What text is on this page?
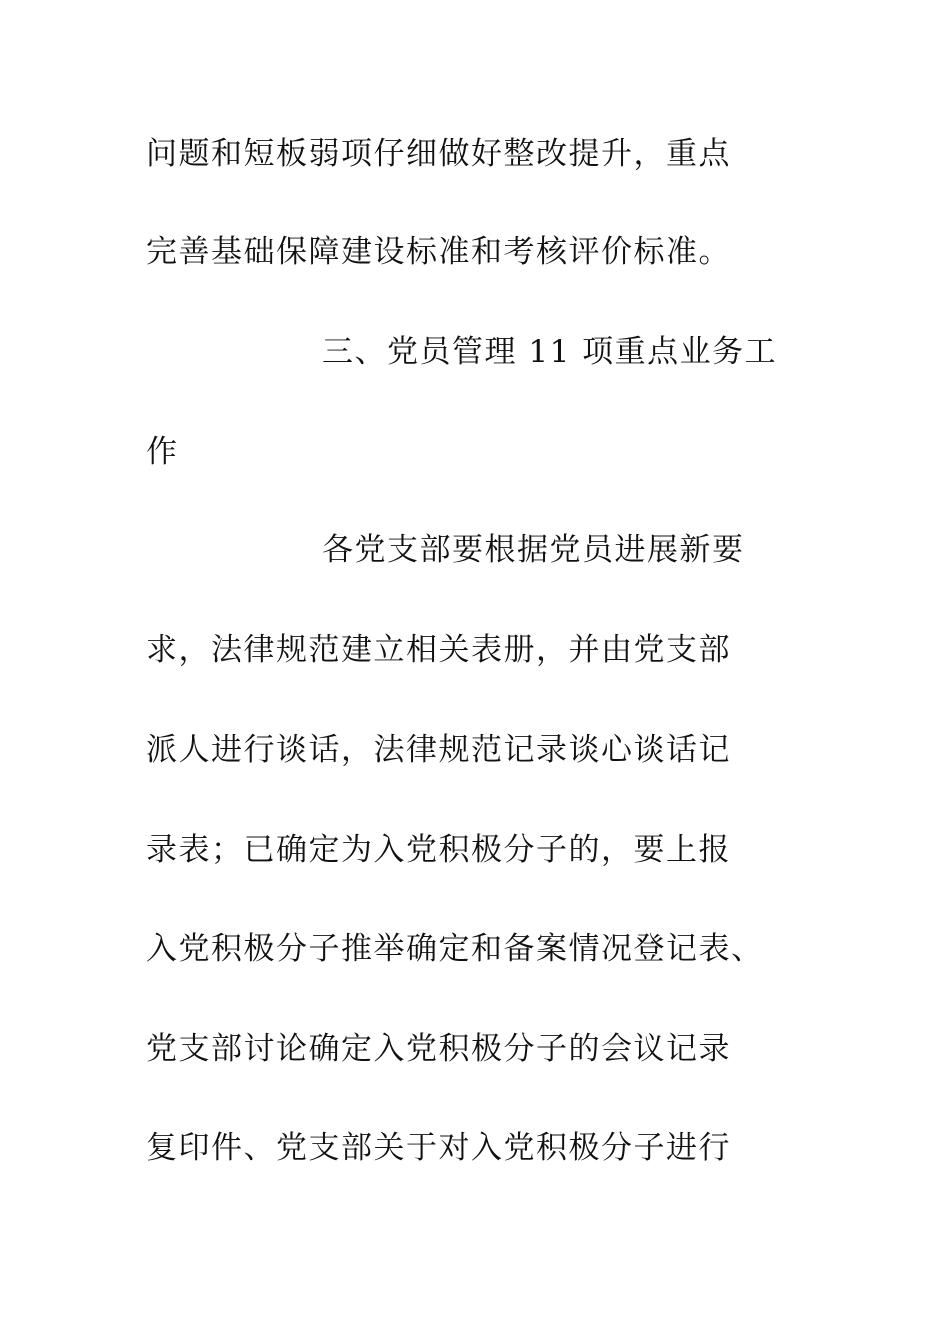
问题和短板弱项仔细做好整改提升，重点
完善基础保障建设标准和考核评价标准。
三、党员管理 11 项重点业务工
作
各党支部要根据党员进展新要
求，法律规范建立相关表册，并由党支部
派人进行谈话，法律规范记录谈心谈话记
录表；已确定为入党积极分子的，要上报
入党积极分子推举确定和备案情况登记表、
党支部讨论确定入党积极分子的会议记录
复印件、党支部关于对入党积极分子进行
